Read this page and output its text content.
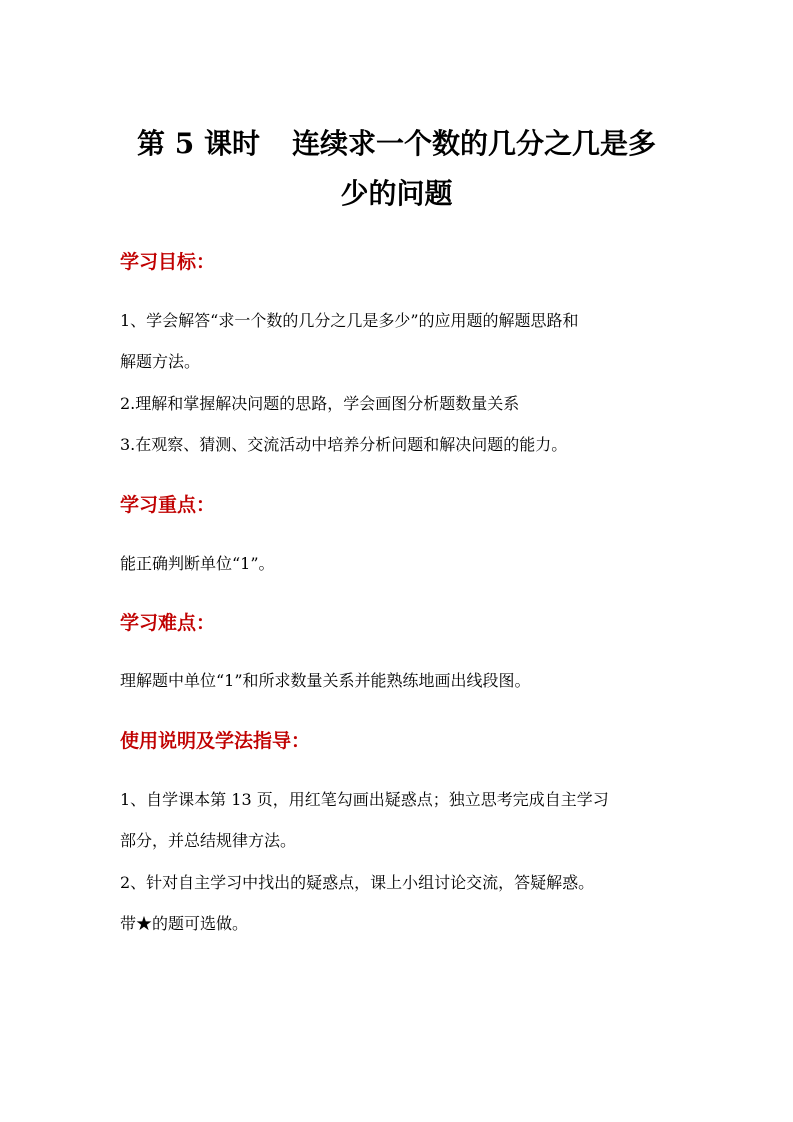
第 5 课时 连续求一个数的几分之几是多
少的问题
学习目标：
1、学会解答“求一个数的几分之几是多少”的应用题的解题思路和
解题方法。
2.理解和掌握解决问题的思路，学会画图分析题数量关系
3.在观察、猜测、交流活动中培养分析问题和解决问题的能力。
学习重点：
能正确判断单位“1”。
学习难点：
理解题中单位“1”和所求数量关系并能熟练地画出线段图。
使用说明及学法指导：
1、自学课本第 13 页，用红笔勾画出疑惑点；独立思考完成自主学习
部分，并总结规律方法。
2、针对自主学习中找出的疑惑点，课上小组讨论交流，答疑解惑。
带★的题可选做。
